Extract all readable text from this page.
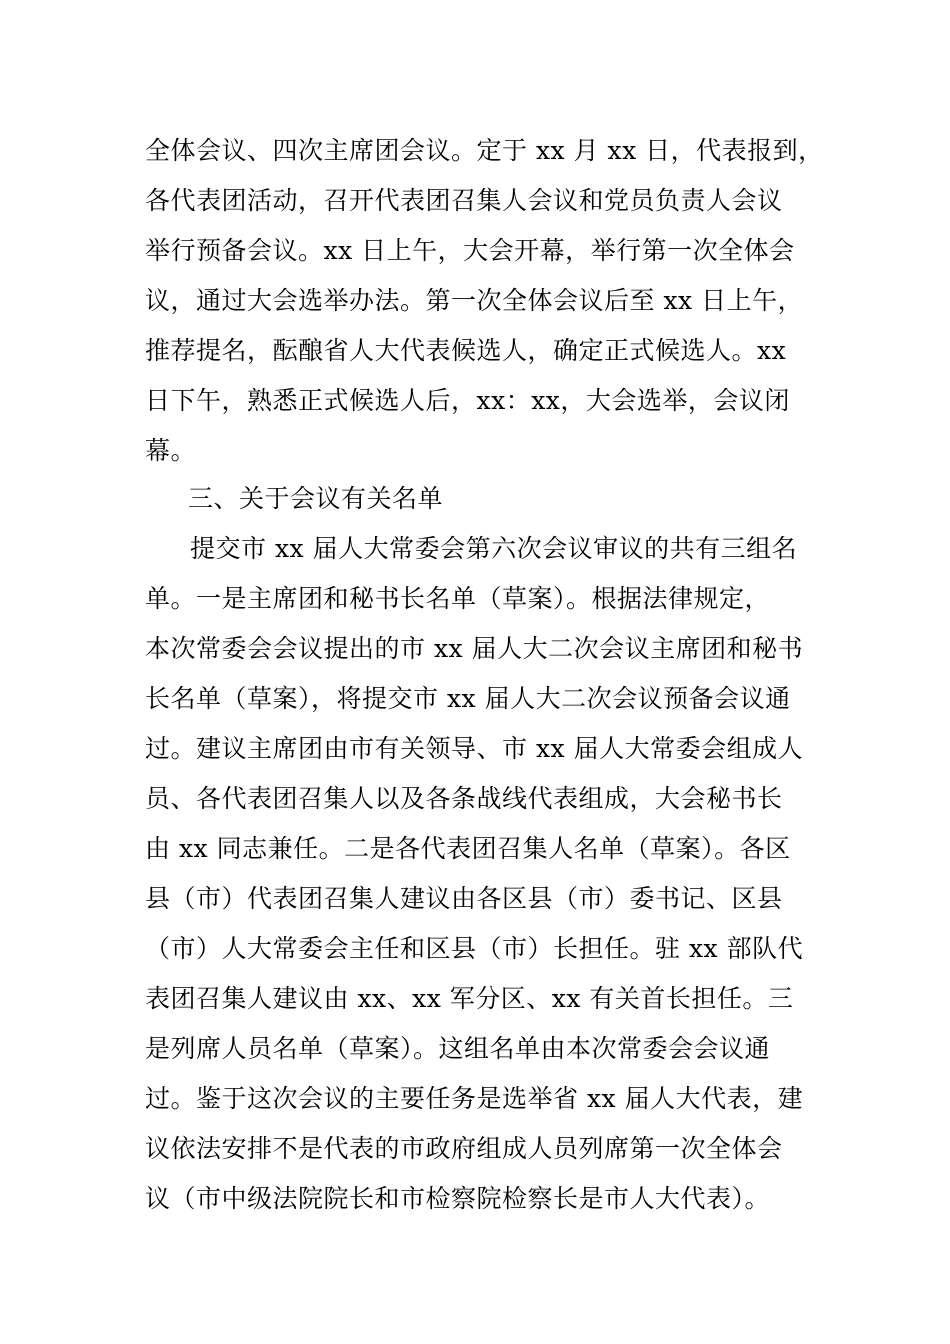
全体会议、四次主席团会议。定于 xx 月 xx 日，代表报到，
各代表团活动，召开代表团召集人会议和党员负责人会议
举行预备会议。xx 日上午，大会开幕，举行第一次全体会
议，通过大会选举办法。第一次全体会议后至 xx 日上午，
推荐提名，酝酿省人大代表候选人，确定正式候选人。xx
日下午，熟悉正式候选人后，xx：xx，大会选举，会议闭
幕。
三、关于会议有关名单
提交市 xx 届人大常委会第六次会议审议的共有三组名
单。一是主席团和秘书长名单（草案）。根据法律规定，
本次常委会会议提出的市 xx 届人大二次会议主席团和秘书
长名单（草案），将提交市 xx 届人大二次会议预备会议通
过。建议主席团由市有关领导、市 xx 届人大常委会组成人
员、各代表团召集人以及各条战线代表组成，大会秘书长
由 xx 同志兼任。二是各代表团召集人名单（草案）。各区
县（市）代表团召集人建议由各区县（市）委书记、区县
（市）人大常委会主任和区县（市）长担任。驻 xx 部队代
表团召集人建议由 xx、xx 军分区、xx 有关首长担任。三
是列席人员名单（草案）。这组名单由本次常委会会议通
过。鉴于这次会议的主要任务是选举省 xx 届人大代表，建
议依法安排不是代表的市政府组成人员列席第一次全体会
议（市中级法院院长和市检察院检察长是市人大代表）。
